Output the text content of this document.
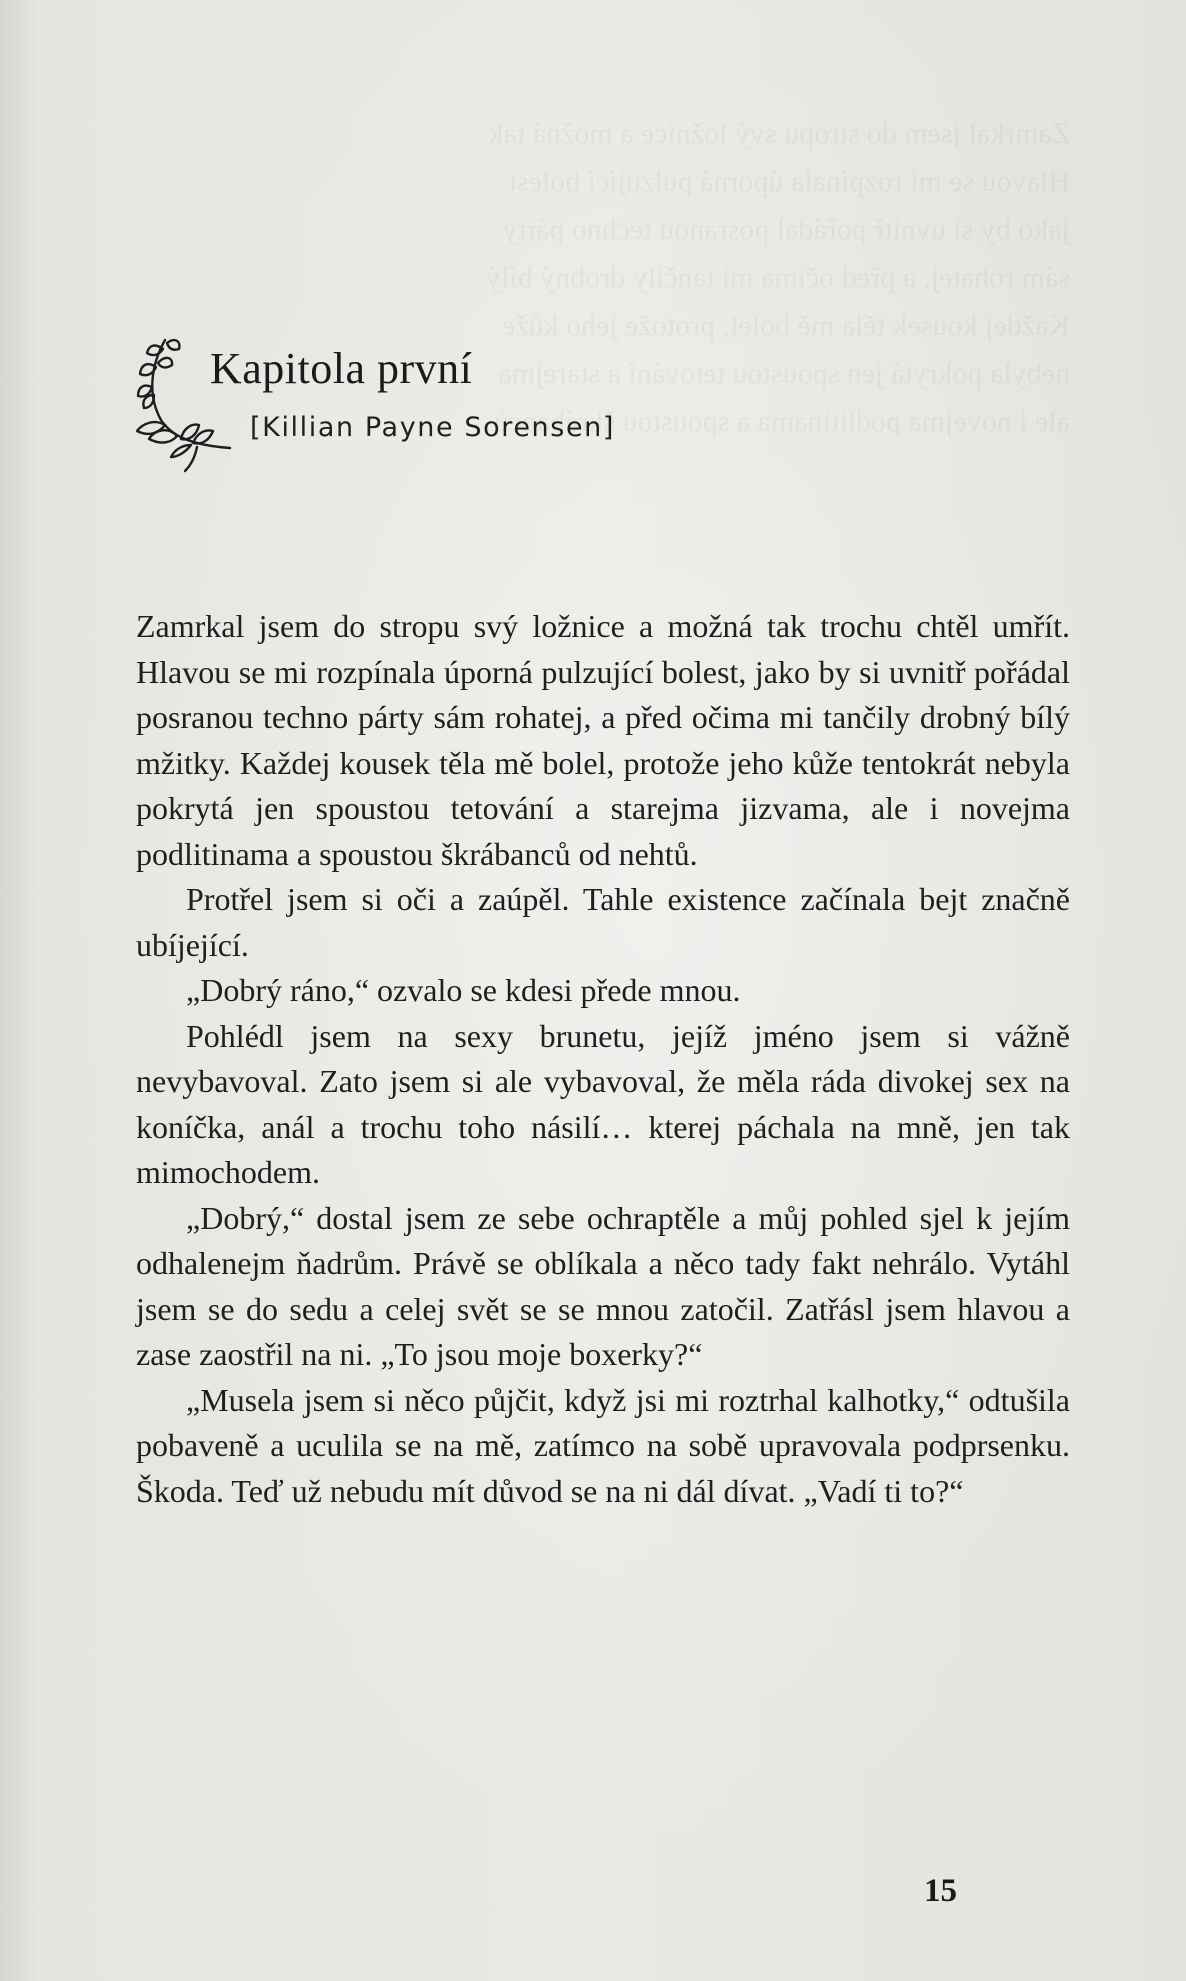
Zamrkal jsem do stropu svý ložnice a možná tak
Hlavou se mi rozpínala úporná pulzující bolest
jako by si uvnitř pořádal posranou techno párty
sám rohatej, a před očima mi tančily drobný bílý
Každej kousek těla mě bolel, protože jeho kůže
nebyla pokrytá jen spoustou tetování a starejma
ale i novejma podlitinama a spoustou škrábanců
Kapitola první
[Killian Payne Sorensen]

Zamrkal jsem do stropu svý ložnice a možná tak trochu chtěl umřít. Hlavou se mi rozpínala úporná pulzující bolest, jako by si uvnitř pořádal posranou techno párty sám rohatej, a před očima mi tančily drobný bílý mžitky. Každej kousek těla mě bolel, protože jeho kůže tentokrát nebyla pokrytá jen spoustou tetování a starejma jizvama, ale i novejma podlitinama a spoustou škrábanců od nehtů.

Protřel jsem si oči a zaúpěl. Tahle existence začínala bejt značně ubíjející.

„Dobrý ráno,“ ozvalo se kdesi přede mnou.

Pohlédl jsem na sexy brunetu, jejíž jméno jsem si vážně nevybavoval. Zato jsem si ale vybavoval, že měla ráda divokej sex na koníčka, anál a trochu toho násilí… kterej páchala na mně, jen tak mimochodem.

„Dobrý,“ dostal jsem ze sebe ochraptěle a můj pohled sjel k jejím odhalenejm ňadrům. Právě se oblíkala a něco tady fakt nehrálo. Vytáhl jsem se do sedu a celej svět se se mnou zatočil. Zatřásl jsem hlavou a zase zaostřil na ni. „To jsou moje boxerky?“

„Musela jsem si něco půjčit, když jsi mi roztrhal kalhotky,“ odtušila pobaveně a uculila se na mě, zatímco na sobě upravovala podprsenku. Škoda. Teď už nebudu mít důvod se na ni dál dívat. „Vadí ti to?“

15
